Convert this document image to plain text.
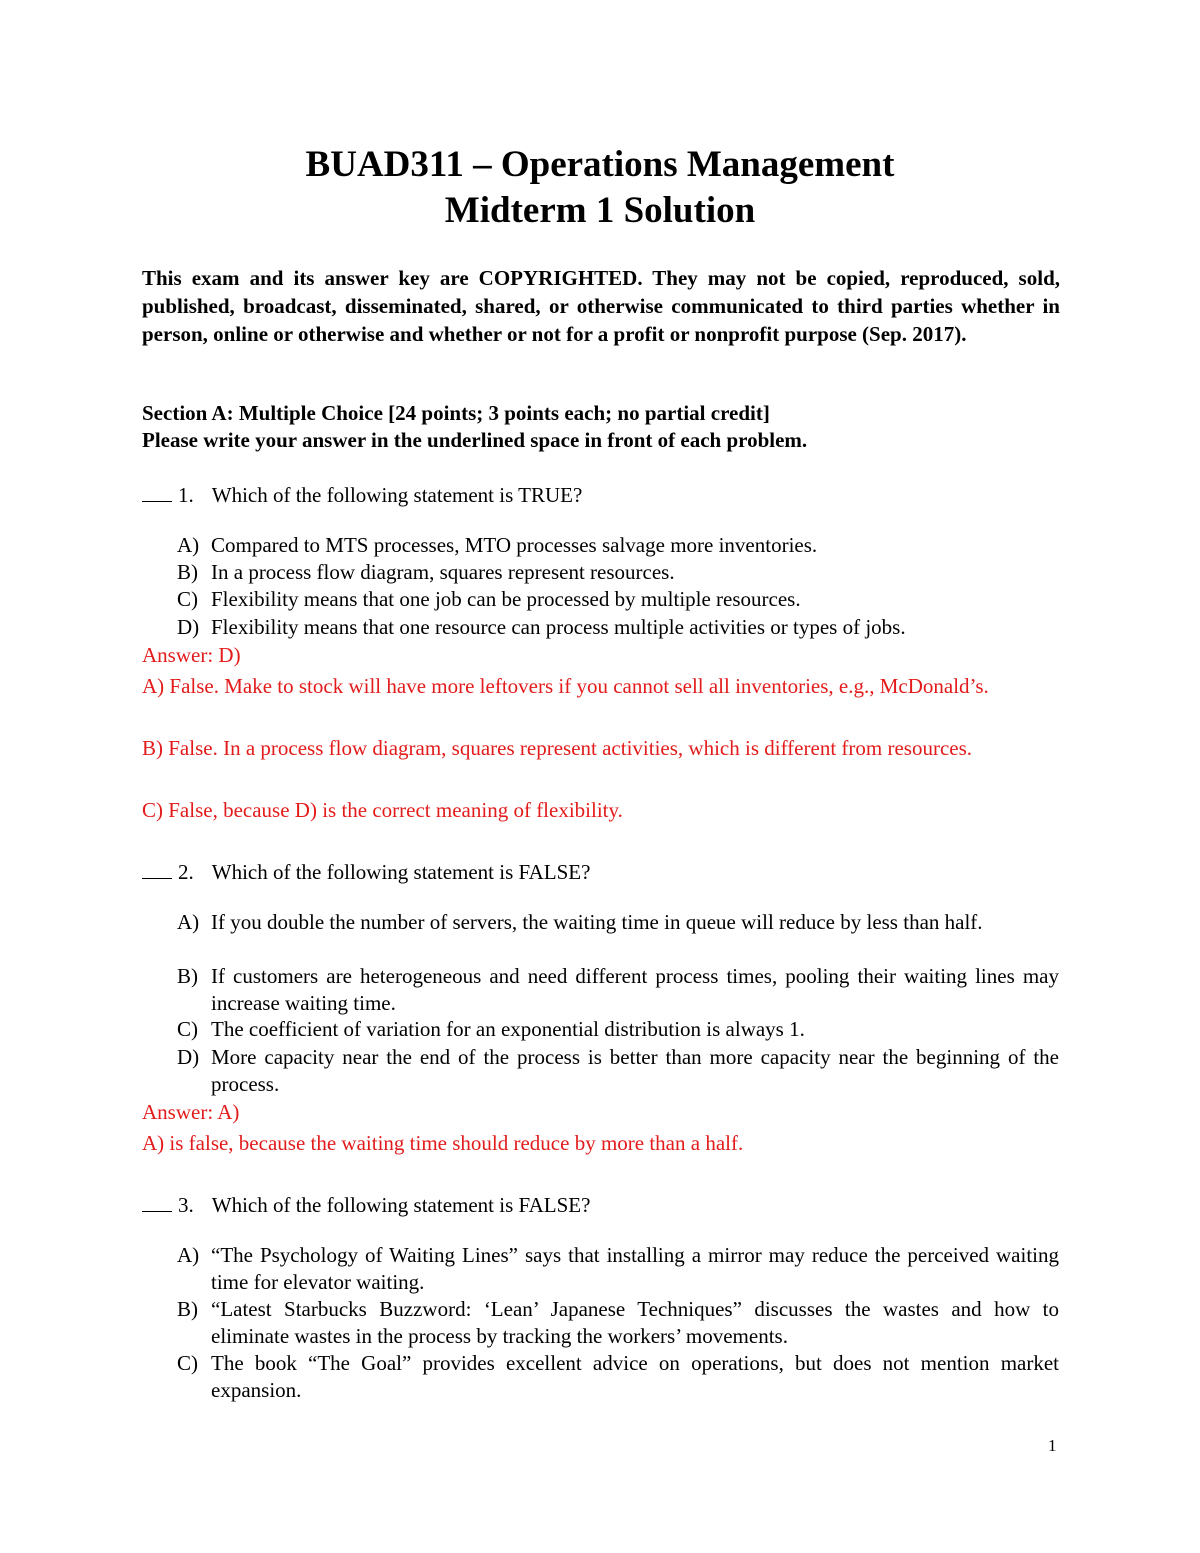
BUAD311 – Operations Management
Midterm 1 Solution
This exam and its answer key are COPYRIGHTED. They may not be copied, reproduced, sold, published, broadcast, disseminated, shared, or otherwise communicated to third parties whether in person, online or otherwise and whether or not for a profit or nonprofit purpose (Sep. 2017).
Section A: Multiple Choice [24 points; 3 points each; no partial credit]
Please write your answer in the underlined space in front of each problem.
1. Which of the following statement is TRUE?
A) Compared to MTS processes, MTO processes salvage more inventories.
B) In a process flow diagram, squares represent resources.
C) Flexibility means that one job can be processed by multiple resources.
D) Flexibility means that one resource can process multiple activities or types of jobs.
Answer: D)
A) False. Make to stock will have more leftovers if you cannot sell all inventories, e.g., McDonald’s.
B) False. In a process flow diagram, squares represent activities, which is different from resources.
C) False, because D) is the correct meaning of flexibility.
2. Which of the following statement is FALSE?
A) If you double the number of servers, the waiting time in queue will reduce by less than half.
B) If customers are heterogeneous and need different process times, pooling their waiting lines may increase waiting time.
C) The coefficient of variation for an exponential distribution is always 1.
D) More capacity near the end of the process is better than more capacity near the beginning of the process.
Answer: A)
A) is false, because the waiting time should reduce by more than a half.
3. Which of the following statement is FALSE?
A) “The Psychology of Waiting Lines” says that installing a mirror may reduce the perceived waiting time for elevator waiting.
B) “Latest Starbucks Buzzword: ‘Lean’ Japanese Techniques” discusses the wastes and how to eliminate wastes in the process by tracking the workers’ movements.
C) The book “The Goal” provides excellent advice on operations, but does not mention market expansion.
1
